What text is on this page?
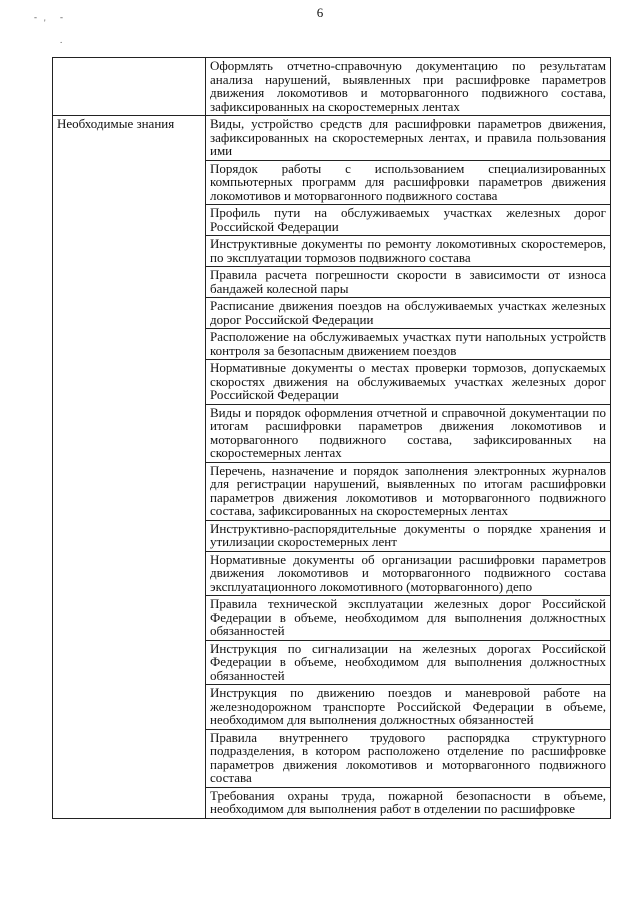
6
-
'
-
.
	Оформлять отчетно-справочную документацию по результатам анализа нарушений, выявленных при расшифровке параметров движения локомотивов и моторвагонного подвижного состава, зафиксированных на скоростемерных лентах
Необходимые знания	Виды, устройство средств для расшифровки параметров движения, зафиксированных на скоростемерных лентах, и правила пользования ими
	Порядок работы с использованием специализированных компьютерных программ для расшифровки параметров движения локомотивов и моторвагонного подвижного состава
	Профиль пути на обслуживаемых участках железных дорог Российской Федерации
	Инструктивные документы по ремонту локомотивных скоростемеров, по эксплуатации тормозов подвижного состава
	Правила расчета погрешности скорости в зависимости от износа бандажей колесной пары
	Расписание движения поездов на обслуживаемых участках железных дорог Российской Федерации
	Расположение на обслуживаемых участках пути напольных устройств контроля за безопасным движением поездов
	Нормативные документы о местах проверки тормозов, допускаемых скоростях движения на обслуживаемых участках железных дорог Российской Федерации
	Виды и порядок оформления отчетной и справочной документации по итогам расшифровки параметров движения локомотивов и моторвагонного подвижного состава, зафиксированных на скоростемерных лентах
	Перечень, назначение и порядок заполнения электронных журналов для регистрации нарушений, выявленных по итогам расшифровки параметров движения локомотивов и моторвагонного подвижного состава, зафиксированных на скоростемерных лентах
	Инструктивно-распорядительные документы о порядке хранения и утилизации скоростемерных лент
	Нормативные документы об организации расшифровки параметров движения локомотивов и моторвагонного подвижного состава эксплуатационного локомотивного (моторвагонного) депо
	Правила технической эксплуатации железных дорог Российской Федерации в объеме, необходимом для выполнения должностных обязанностей
	Инструкция по сигнализации на железных дорогах Российской Федерации в объеме, необходимом для выполнения должностных обязанностей
	Инструкция по движению поездов и маневровой работе на железнодорожном транспорте Российской Федерации в объеме, необходимом для выполнения должностных обязанностей
	Правила внутреннего трудового распорядка структурного подразделения, в котором расположено отделение по расшифровке параметров движения локомотивов и моторвагонного подвижного состава
	Требования охраны труда, пожарной безопасности в объеме, необходимом для выполнения работ в отделении по расшифровке
